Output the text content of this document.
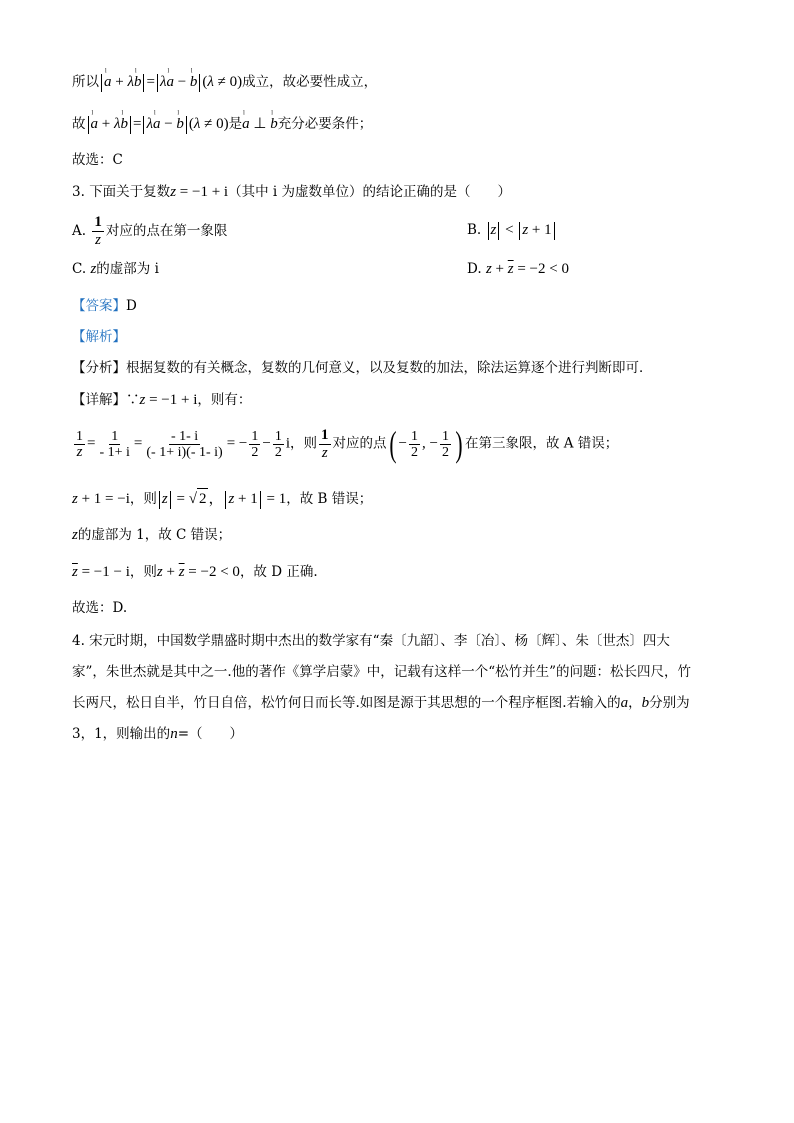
所以 ˡ a + λˡ b = λˡ a − ˡ b (λ ≠ 0)成立，故必要性成立，
故 ˡ a + λˡ b = λˡ a − ˡ b (λ ≠ 0)是ˡ a ⊥ ˡ b充分必要条件；
故选：C
3. 下面关于复数z = −1 + i（其中 i 为虚数单位）的结论正确的是（　　）
A. $\frac{1}{z}$ 对应的点在第一象限	B. z < z + 1
C. z的虚部为 i	D. $z + \overline{z} = -2 < 0$
【答案】D
【解析】
【分析】根据复数的有关概念，复数的几何意义，以及复数的加法，除法运算逐个进行判断即可．
【详解】∵z = −1 + i，则有：
$\frac{1}{z} = \frac{1}{- 1+ i} = \frac{- 1- i}{(- 1+ i)(- 1- i)}$ = − $\frac{1}{2} - \frac{1}{2}$ i，则 $\frac{1}{z}$ 对应的点( − $\frac{1}{2}$ , − $\frac{1}{2}$ ) 在第三象限，故 A 错误；
z + 1 = −i，则 z = √ 2 ， z + 1 = 1，故 B 错误；
z的虚部为 1，故 C 错误；
$\overline{z} = -1 - i$，则$z + \overline{z} = -2 < 0$，故 D 正确.
故选：D.
4. 宋元时期，中国数学鼎盛时期中杰出的数学家有“秦〔九韶〕、李〔冶〕、杨〔辉〕、朱〔世杰〕四大
家”，朱世杰就是其中之一.他的著作《算学启蒙》中，记载有这样一个“松竹并生”的问题：松长四尺，竹
长两尺，松日自半，竹日自倍，松竹何日而长等.如图是源于其思想的一个程序框图.若输入的a，b分别为
3，1，则输出的n=（　　）
